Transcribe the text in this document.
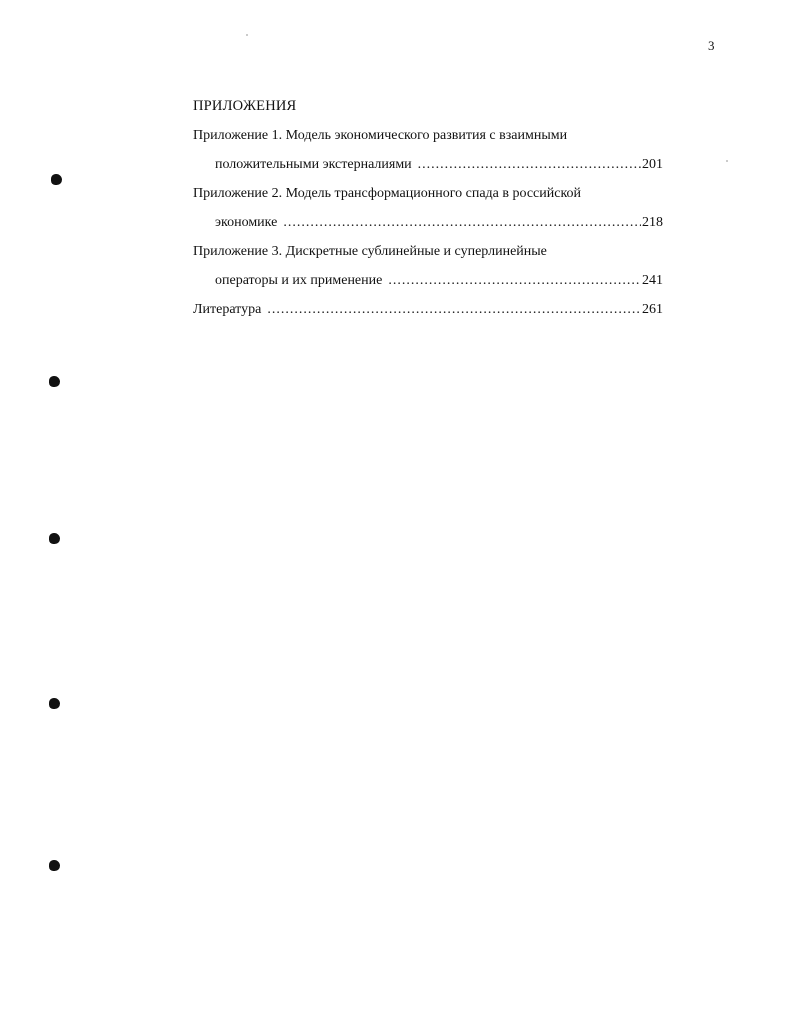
3
ПРИЛОЖЕНИЯ
Приложение 1. Модель экономического развития с взаимными
положительными экстерналиями .....	201
Приложение 2. Модель трансформационного спада в российской
экономике .....	218
Приложение 3. Дискретные сублинейные и суперлинейные
операторы и их применение .....	241
Литература .....	261
